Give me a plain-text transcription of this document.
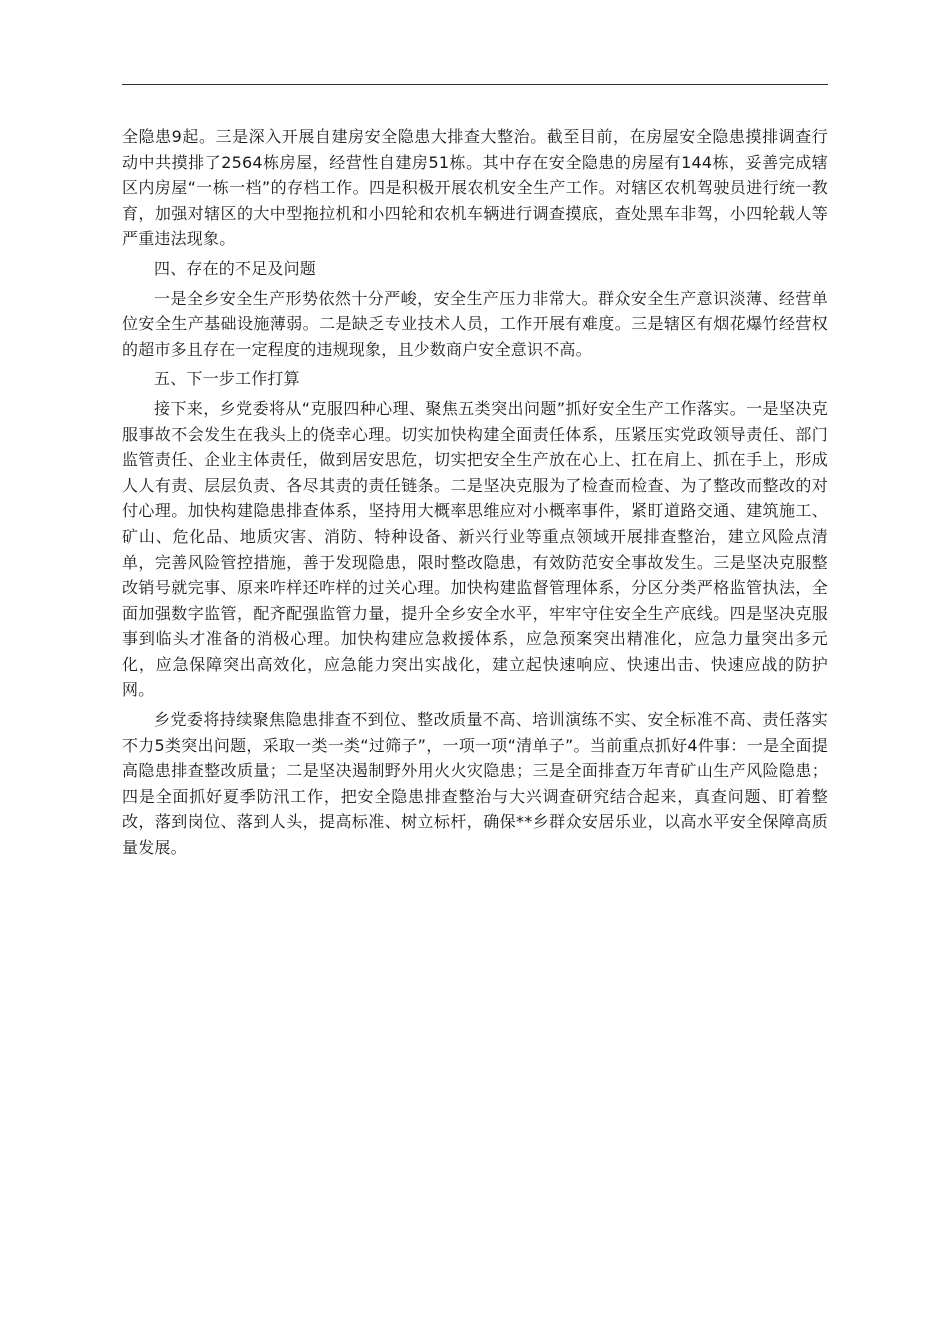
全隐患9起。三是深入开展自建房安全隐患大排查大整治。截至目前，在房屋安全隐患摸排调查行动中共摸排了2564栋房屋，经营性自建房51栋。其中存在安全隐患的房屋有144栋，妥善完成辖区内房屋“一栋一档”的存档工作。四是积极开展农机安全生产工作。对辖区农机驾驶员进行统一教育，加强对辖区的大中型拖拉机和小四轮和农机车辆进行调查摸底，查处黑车非驾，小四轮载人等严重违法现象。

四、存在的不足及问题

一是全乡安全生产形势依然十分严峻，安全生产压力非常大。群众安全生产意识淡薄、经营单位安全生产基础设施薄弱。二是缺乏专业技术人员，工作开展有难度。三是辖区有烟花爆竹经营权的超市多且存在一定程度的违规现象，且少数商户安全意识不高。

五、下一步工作打算

接下来，乡党委将从“克服四种心理、聚焦五类突出问题”抓好安全生产工作落实。一是坚决克服事故不会发生在我头上的侥幸心理。切实加快构建全面责任体系，压紧压实党政领导责任、部门监管责任、企业主体责任，做到居安思危，切实把安全生产放在心上、扛在肩上、抓在手上，形成人人有责、层层负责、各尽其责的责任链条。二是坚决克服为了检查而检查、为了整改而整改的对付心理。加快构建隐患排查体系，坚持用大概率思维应对小概率事件，紧盯道路交通、建筑施工、矿山、危化品、地质灾害、消防、特种设备、新兴行业等重点领域开展排查整治，建立风险点清单，完善风险管控措施，善于发现隐患，限时整改隐患，有效防范安全事故发生。三是坚决克服整改销号就完事、原来咋样还咋样的过关心理。加快构建监督管理体系，分区分类严格监管执法，全面加强数字监管，配齐配强监管力量，提升全乡安全水平，牢牢守住安全生产底线。四是坚决克服事到临头才准备的消极心理。加快构建应急救援体系，应急预案突出精准化，应急力量突出多元化，应急保障突出高效化，应急能力突出实战化，建立起快速响应、快速出击、快速应战的防护网。

乡党委将持续聚焦隐患排查不到位、整改质量不高、培训演练不实、安全标准不高、责任落实不力5类突出问题，采取一类一类“过筛子”，一项一项“清单子”。当前重点抓好4件事：一是全面提高隐患排查整改质量；二是坚决遏制野外用火火灾隐患；三是全面排查万年青矿山生产风险隐患；四是全面抓好夏季防汛工作，把安全隐患排查整治与大兴调查研究结合起来，真查问题、盯着整改，落到岗位、落到人头，提高标准、树立标杆，确保**乡群众安居乐业，以高水平安全保障高质量发展。
